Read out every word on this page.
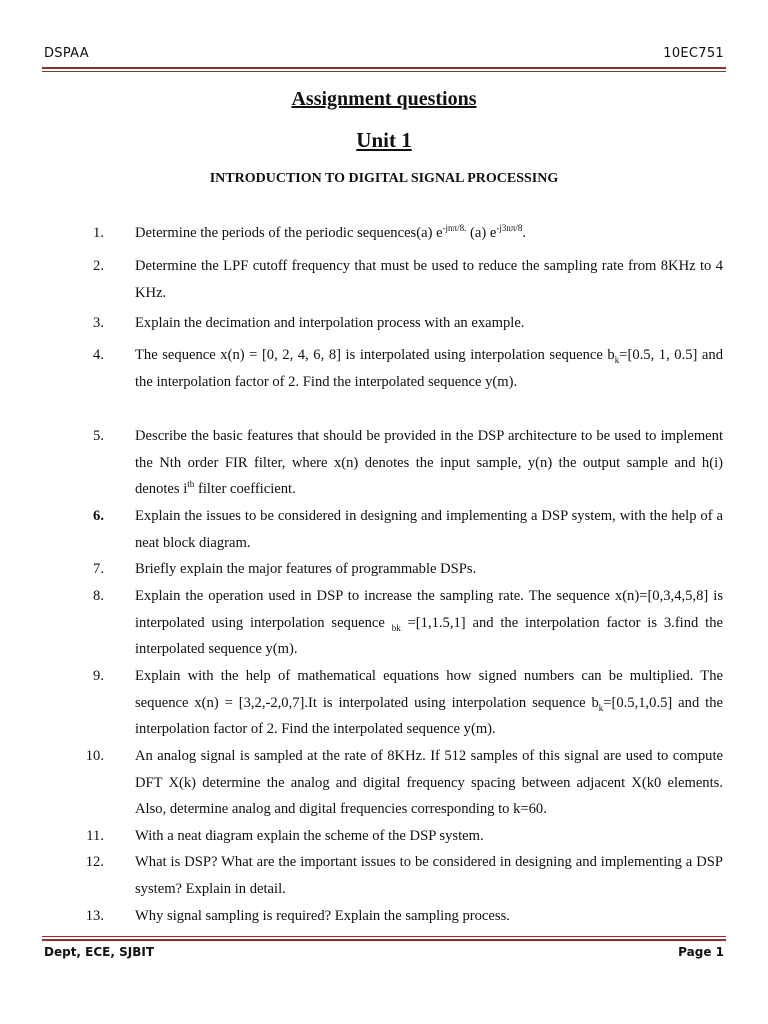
DSPAA	10EC751
Assignment questions
Unit 1
INTRODUCTION TO DIGITAL SIGNAL PROCESSING
1.	Determine the periods of the periodic sequences(a) $e^{-jn\pi/8.}$ (a) $e^{-j3n\pi/8}$.
2.	Determine the LPF cutoff frequency that must be used to reduce the sampling rate from 8KHz to 4 KHz.
3.	Explain the decimation and interpolation process with an example.
4.	The sequence x(n) = [0, 2, 4, 6, 8] is interpolated using interpolation sequence $b_k=[0.5$, 1, 0.5] and the interpolation factor of 2. Find the interpolated sequence y(m).
5.	Describe the basic features that should be provided in the DSP architecture to be used to implement the Nth order FIR filter, where x(n) denotes the input sample, y(n) the output sample and h(i) denotes $i^{th}$ filter coefficient.
6.	Explain the issues to be considered in designing and implementing a DSP system, with the help of a neat block diagram.
7.	Briefly explain the major features of programmable DSPs.
8.	Explain the operation used in DSP to increase the sampling rate. The sequence x(n)=[0,3,4,5,8] is interpolated using interpolation sequence $_{bk}$ =[1,1.5,1] and the interpolation factor is 3.find the interpolated sequence y(m).
9.	Explain with the help of mathematical equations how signed numbers can be multiplied. The sequence x(n) = [3,2,-2,0,7].It is interpolated using interpolation sequence $b_k=[0.5,1,0.5]$ and the interpolation factor of 2. Find the interpolated sequence y(m).
10.	An analog signal is sampled at the rate of 8KHz. If 512 samples of this signal are used to compute DFT X(k) determine the analog and digital frequency spacing between adjacent X(k0 elements. Also, determine analog and digital frequencies corresponding to k=60.
11.	With a neat diagram explain the scheme of the DSP system.
12.	What is DSP? What are the important issues to be considered in designing and implementing a DSP system? Explain in detail.
13.	Why signal sampling is required? Explain the sampling process.
Dept, ECE, SJBIT	Page 1
